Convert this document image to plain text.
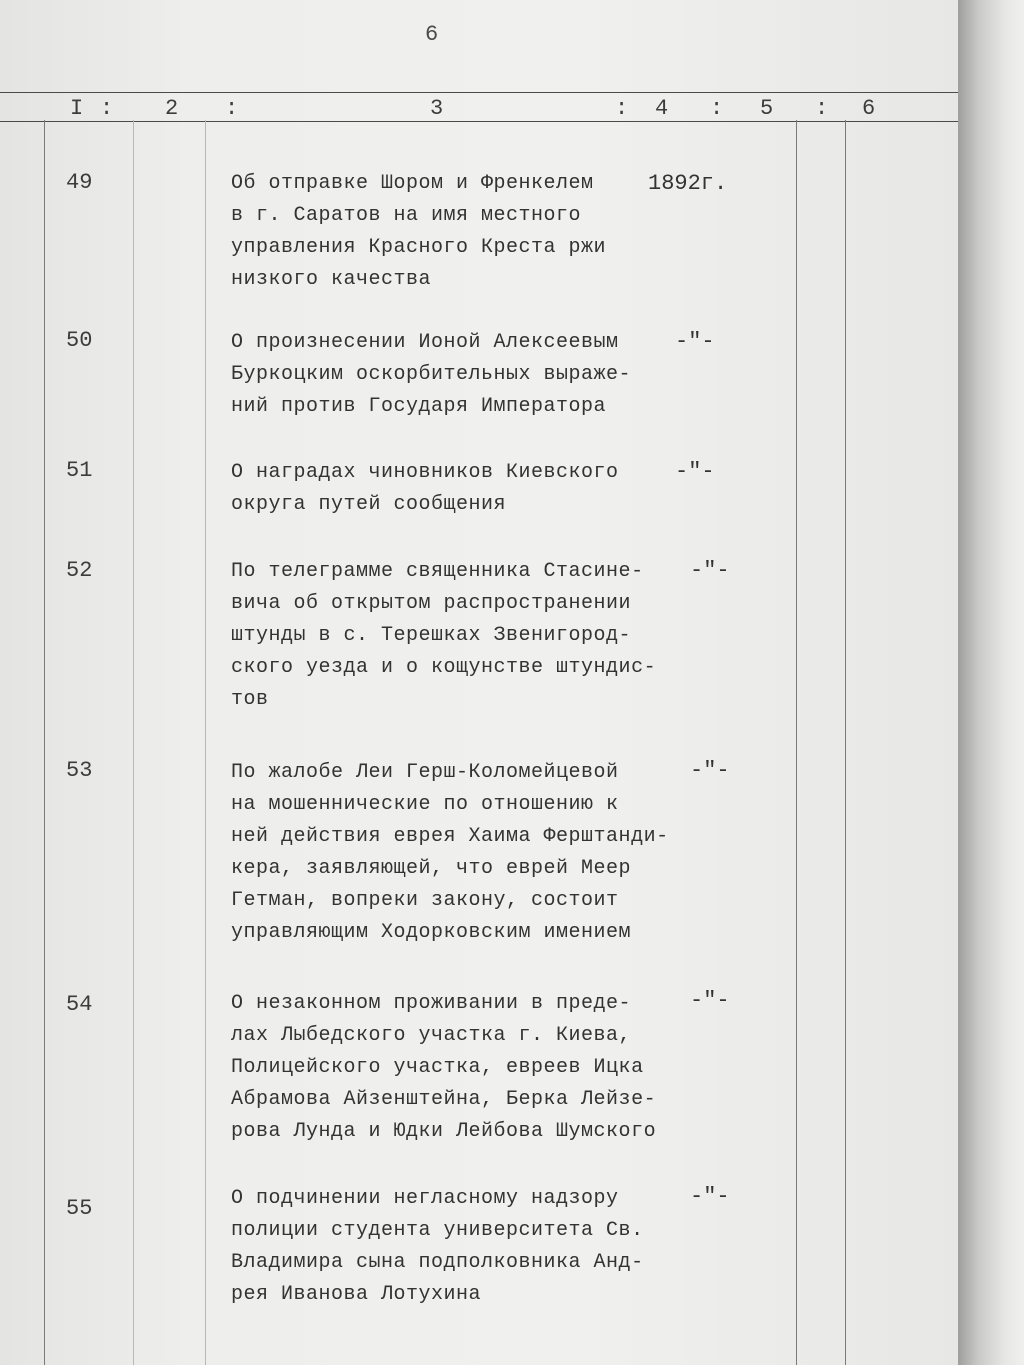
6
I : 2 :	3	: 4 : 5 : 6
49	Об отправке Шором и Френкелем
в г. Саратов на имя местного
управления Красного Креста ржи
низкого качества
1892г.
50	О произнесении Ионой Алексеевым
Буркоцким оскорбительных выраже-
ний против Государя Императора
-"-
51	О наградах чиновников Киевского
округа путей сообщения
-"-
52	По телеграмме священника Стасине-
вича об открытом распространении
штунды в с. Терешках Звенигород-
ского уезда и о кощунстве штундис-
тов
-"-
53	По жалобе Леи Герш-Коломейцевой
на мошеннические по отношению к
ней действия еврея Хаима Ферштанди-
кера, заявляющей, что еврей Меер
Гетман, вопреки закону, состоит
управляющим Ходорковским имением
-"-
54	О незаконном проживании в преде-
лах Лыбедского участка г. Киева,
Полицейского участка, евреев Ицка
Абрамова Айзенштейна, Берка Лейзе-
рова Лунда и Юдки Лейбова Шумского
-"-
55	О подчинении негласному надзору
полиции студента университета Св.
Владимира сына подполковника Анд-
рея Иванова Лотухина
-"-
